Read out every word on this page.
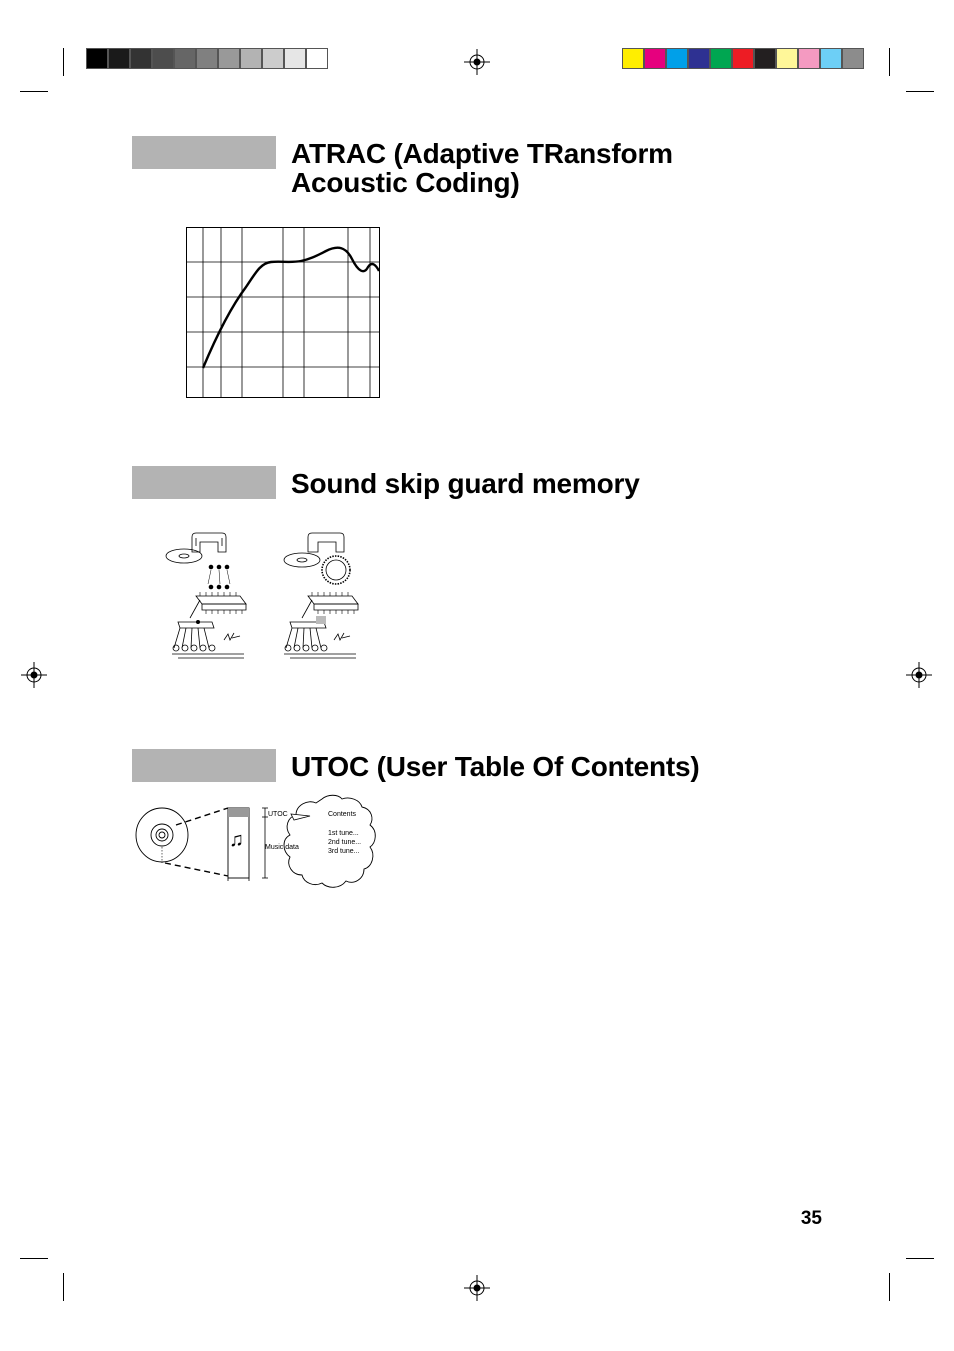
ATRAC (Adaptive TRansform
Acoustic Coding)
Sound skip guard memory
UTOC (User Table Of Contents)
♫
UTOC
Music data
Contents
1st tune...
2nd tune...
3rd tune...
35
